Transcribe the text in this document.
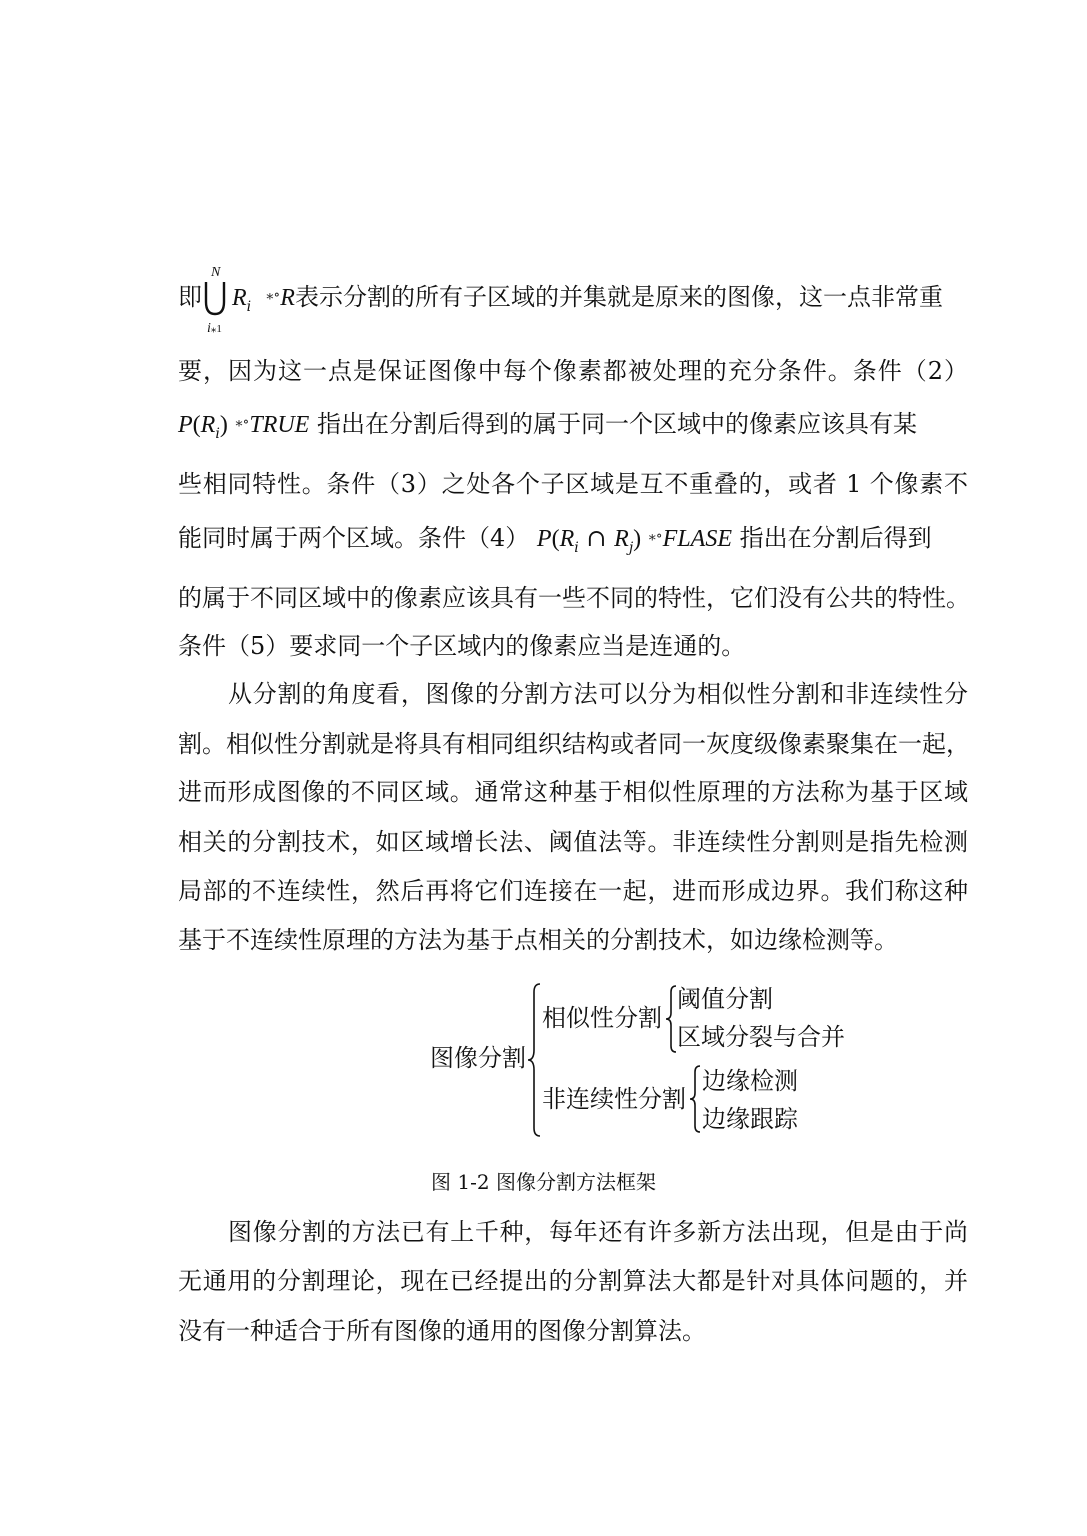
即
N
i⁎1
$R_i$  ⁎∘R表示分割的所有子区域的并集就是原来的图像，这一点非常重
要，因为这一点是保证图像中每个像素都被处理的充分条件。条件（2）
$P(R_i)$ ⁎∘TRUE 指出在分割后得到的属于同一个区域中的像素应该具有某
些相同特性。条件（3）之处各个子区域是互不重叠的，或者 1 个像素不
能同时属于两个区域。条件（4） $P(R_i$ ∩ $R_j$) ⁎∘FLASE 指出在分割后得到
的属于不同区域中的像素应该具有一些不同的特性，它们没有公共的特性。
条件（5）要求同一个子区域内的像素应当是连通的。
从分割的角度看，图像的分割方法可以分为相似性分割和非连续性分
割。相似性分割就是将具有相同组织结构或者同一灰度级像素聚集在一起，
进而形成图像的不同区域。通常这种基于相似性原理的方法称为基于区域
相关的分割技术，如区域增长法、阈值法等。非连续性分割则是指先检测
局部的不连续性，然后再将它们连接在一起，进而形成边界。我们称这种
基于不连续性原理的方法为基于点相关的分割技术，如边缘检测等。
图像分割
相似性分割
阈值分割
区域分裂与合并
非连续性分割
边缘检测
边缘跟踪
图 1-2 图像分割方法框架
图像分割的方法已有上千种，每年还有许多新方法出现，但是由于尚
无通用的分割理论，现在已经提出的分割算法大都是针对具体问题的，并
没有一种适合于所有图像的通用的图像分割算法。
